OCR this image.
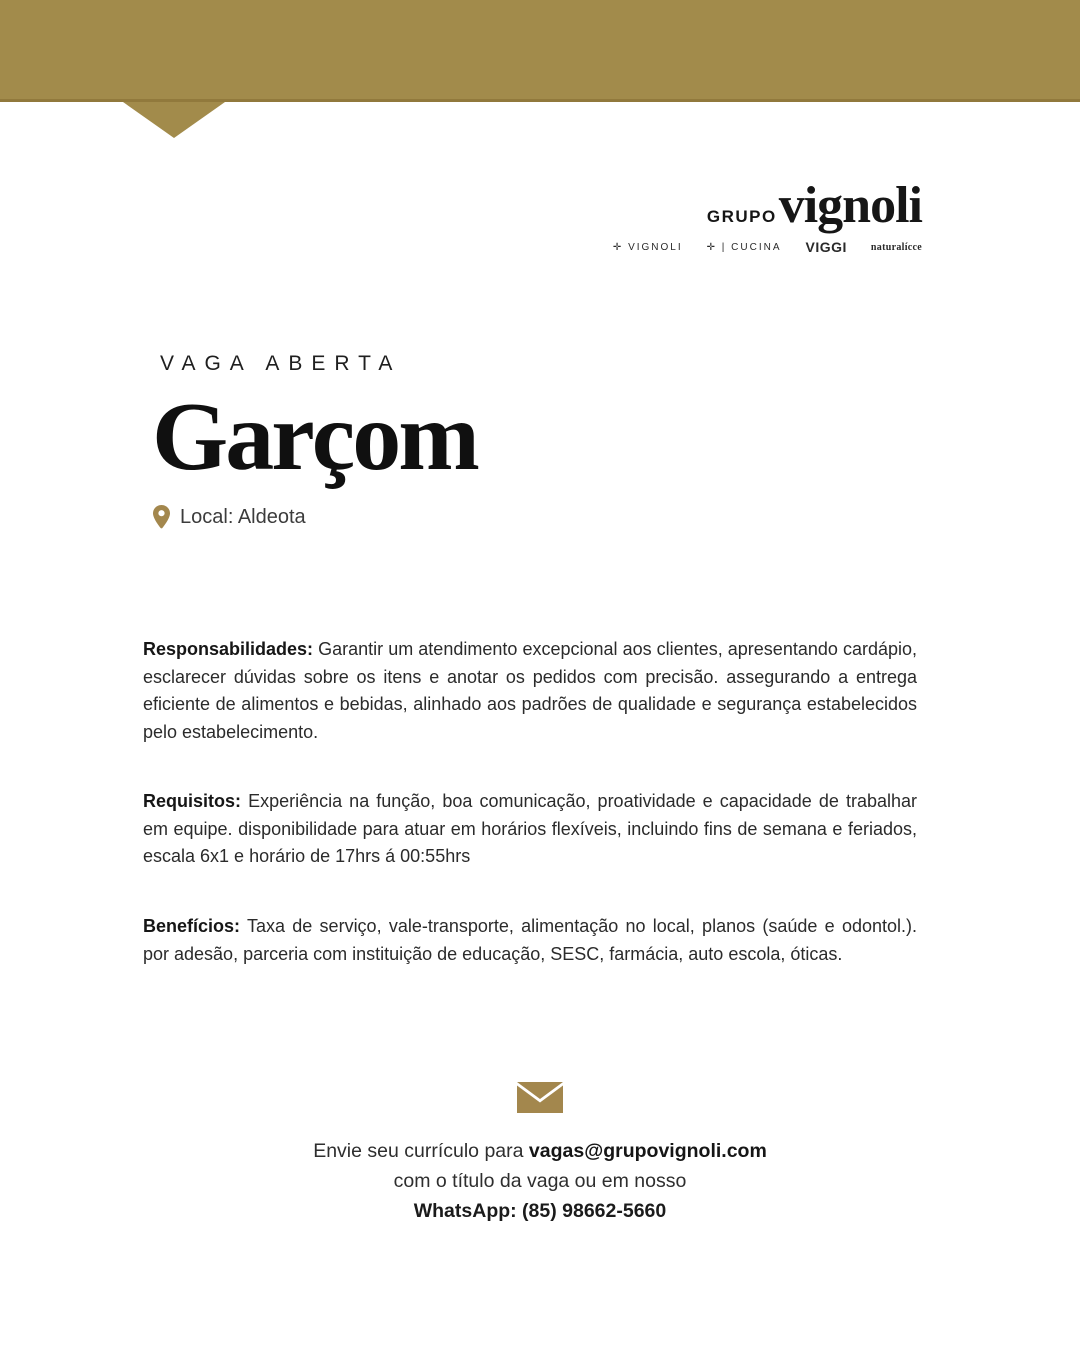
GRUPO vignoli
✛ VIGNOLI ✛ | CUCINA VIGGI naturalícce
VAGA ABERTA
Garçom
Local: Aldeota

Responsabilidades: Garantir um atendimento excepcional aos clientes, apresentando cardápio, esclarecer dúvidas sobre os itens e anotar os pedidos com precisão. assegurando a entrega eficiente de alimentos e bebidas, alinhado aos padrões de qualidade e segurança estabelecidos pelo estabelecimento.

Requisitos: Experiência na função, boa comunicação, proatividade e capacidade de trabalhar em equipe. disponibilidade para atuar em horários flexíveis, incluindo fins de semana e feriados, escala 6x1 e horário de 17hrs á 00:55hrs

Benefícios: Taxa de serviço, vale-transporte, alimentação no local, planos (saúde e odontol.). por adesão, parceria com instituição de educação, SESC, farmácia, auto escola, óticas.

Envie seu currículo para vagas@grupovignoli.com
com o título da vaga ou em nosso
WhatsApp: (85) 98662-5660
